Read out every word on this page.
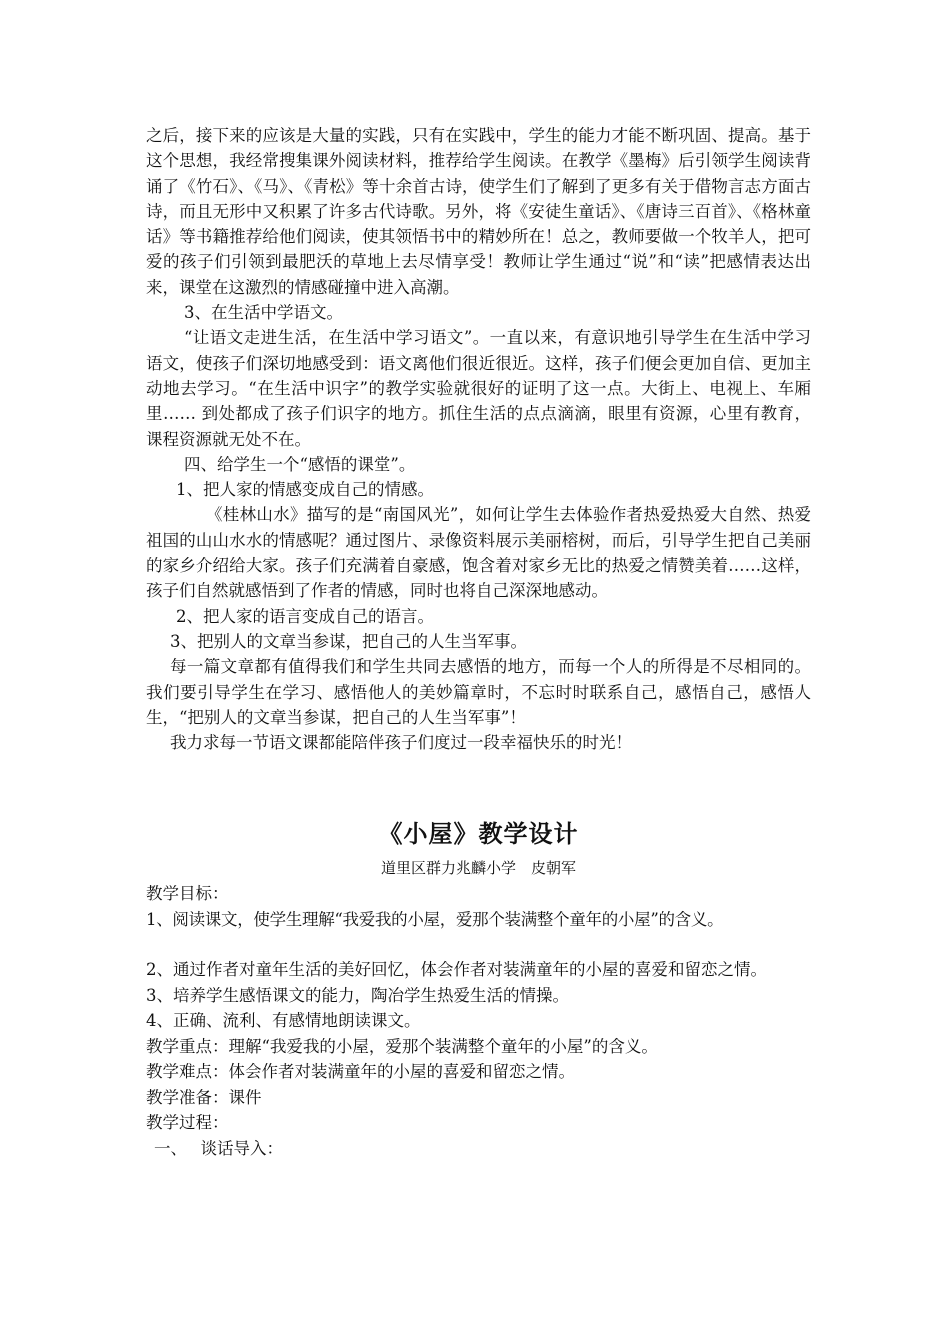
之后，接下来的应该是大量的实践，只有在实践中，学生的能力才能不断巩固、提高。基于这个思想，我经常搜集课外阅读材料，推荐给学生阅读。在教学《墨梅》后引领学生阅读背诵了《竹石》、《马》、《青松》等十余首古诗，使学生们了解到了更多有关于借物言志方面古诗，而且无形中又积累了许多古代诗歌。另外，将《安徒生童话》、《唐诗三百首》、《格林童话》等书籍推荐给他们阅读，使其领悟书中的精妙所在！总之，教师要做一个牧羊人，把可爱的孩子们引领到最肥沃的草地上去尽情享受！教师让学生通过“说”和“读”把感情表达出来，课堂在这激烈的情感碰撞中进入高潮。

3、在生活中学语文。

“让语文走进生活，在生活中学习语文”。一直以来，有意识地引导学生在生活中学习语文，使孩子们深切地感受到：语文离他们很近很近。这样，孩子们便会更加自信、更加主动地去学习。“在生活中识字”的教学实验就很好的证明了这一点。大街上、电视上、车厢里…… 到处都成了孩子们识字的地方。抓住生活的点点滴滴，眼里有资源，心里有教育，课程资源就无处不在。

四、给学生一个“感悟的课堂”。

1、把人家的情感变成自己的情感。

《桂林山水》描写的是“南国风光”，如何让学生去体验作者热爱热爱大自然、热爱祖国的山山水水的情感呢？通过图片、录像资料展示美丽榕树，而后，引导学生把自己美丽的家乡介绍给大家。孩子们充满着自豪感，饱含着对家乡无比的热爱之情赞美着……这样，孩子们自然就感悟到了作者的情感，同时也将自己深深地感动。

2、把人家的语言变成自己的语言。

3、把别人的文章当参谋，把自己的人生当军事。

每一篇文章都有值得我们和学生共同去感悟的地方，而每一个人的所得是不尽相同的。我们要引导学生在学习、感悟他人的美妙篇章时，不忘时时联系自己，感悟自己，感悟人生，“把别人的文章当参谋，把自己的人生当军事”！

我力求每一节语文课都能陪伴孩子们度过一段幸福快乐的时光！

《小屋》教学设计

道里区群力兆麟小学　皮朝军

教学目标：

1、阅读课文，使学生理解“我爱我的小屋，爱那个装满整个童年的小屋”的含义。

2、通过作者对童年生活的美好回忆，体会作者对装满童年的小屋的喜爱和留恋之情。

3、培养学生感悟课文的能力，陶冶学生热爱生活的情操。

4、正确、流利、有感情地朗读课文。

教学重点：理解“我爱我的小屋，爱那个装满整个童年的小屋”的含义。

教学难点：体会作者对装满童年的小屋的喜爱和留恋之情。

教学准备：课件

教学过程：

一、　 谈话导入：
